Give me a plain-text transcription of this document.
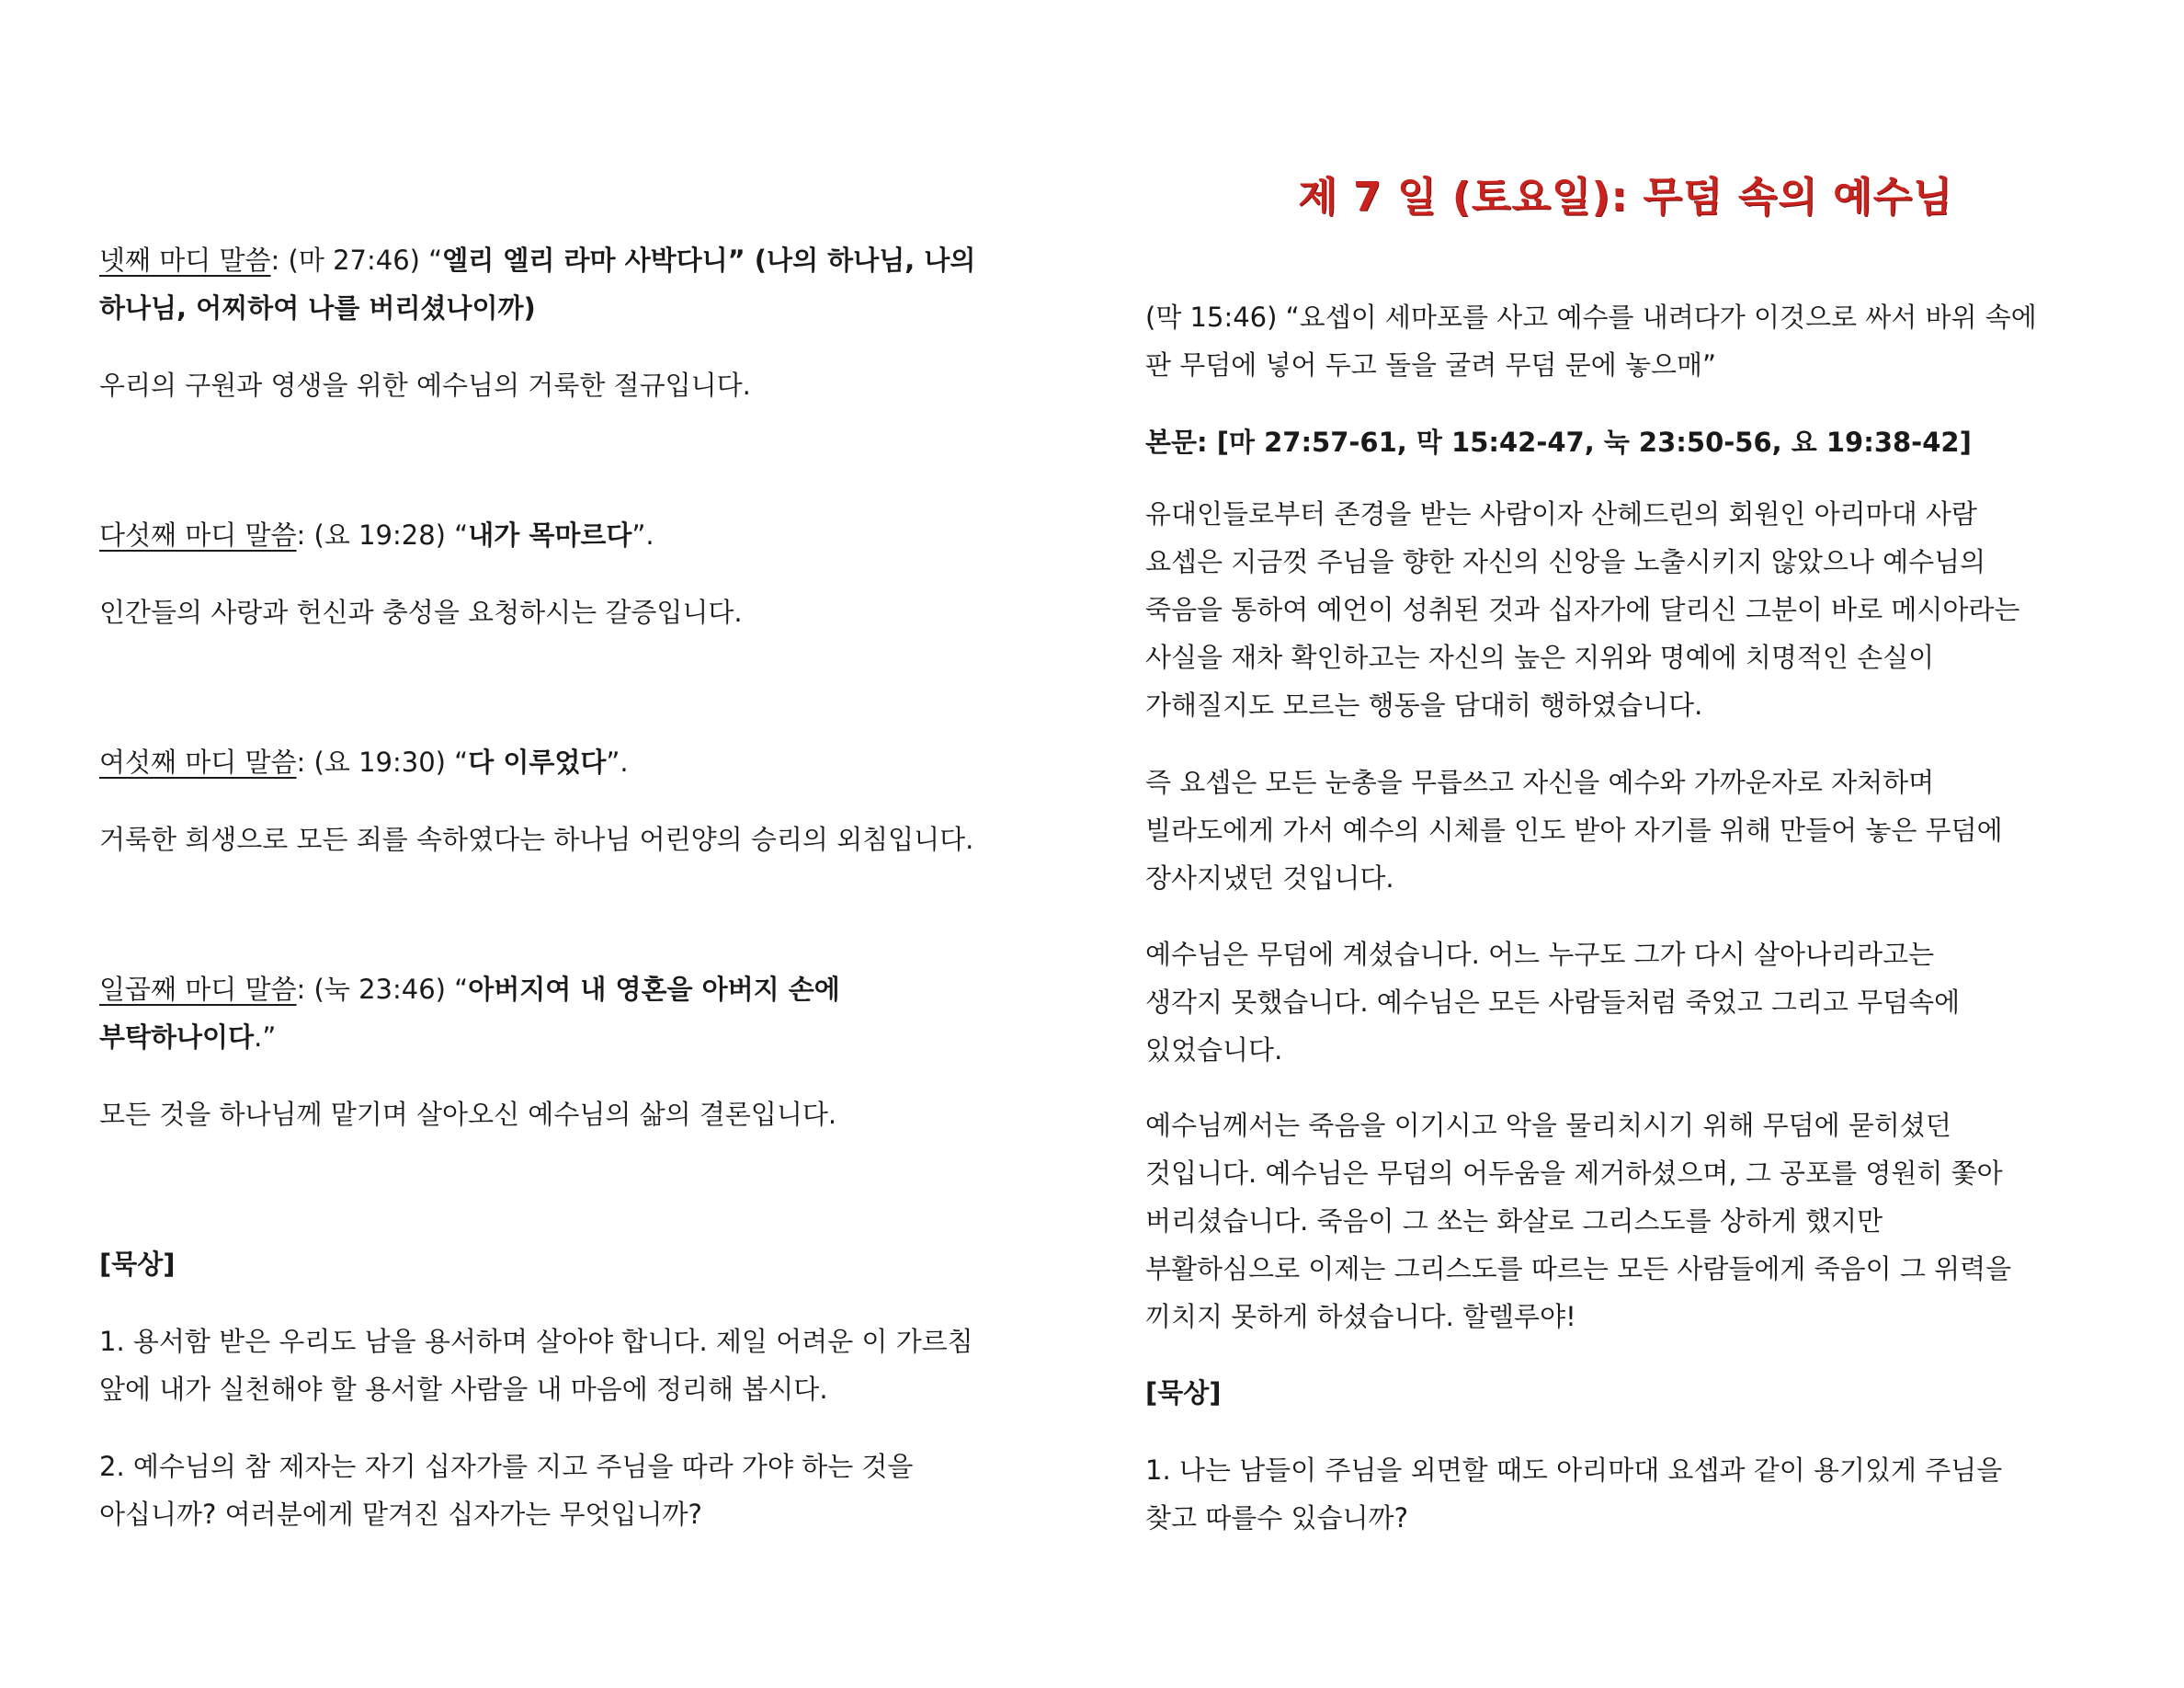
넷째 마디 말씀: (마 27:46) “엘리 엘리 라마 사박다니” (나의 하나님, 나의

하나님, 어찌하여 나를 버리셨나이까)

우리의 구원과 영생을 위한 예수님의 거룩한 절규입니다.

다섯째 마디 말씀: (요 19:28) “내가 목마르다”.

인간들의 사랑과 헌신과 충성을 요청하시는 갈증입니다.

여섯째 마디 말씀: (요 19:30) “다 이루었다”.

거룩한 희생으로 모든 죄를 속하였다는 하나님 어린양의 승리의 외침입니다.

일곱째 마디 말씀: (눅 23:46) “아버지여 내 영혼을 아버지 손에

부탁하나이다.”

모든 것을 하나님께 맡기며 살아오신 예수님의 삶의 결론입니다.

[묵상]

1. 용서함 받은 우리도 남을 용서하며 살아야 합니다. 제일 어려운 이 가르침

앞에 내가 실천해야 할 용서할 사람을 내 마음에 정리해 봅시다.

2. 예수님의 참 제자는 자기 십자가를 지고 주님을 따라 가야 하는 것을

아십니까? 여러분에게 맡겨진 십자가는 무엇입니까?

제 7 일 (토요일): 무덤 속의 예수님

(막 15:46) “요셉이 세마포를 사고 예수를 내려다가 이것으로 싸서 바위 속에

판 무덤에 넣어 두고 돌을 굴려 무덤 문에 놓으매”

본문: [마 27:57-61, 막 15:42-47, 눅 23:50-56, 요 19:38-42]

유대인들로부터 존경을 받는 사람이자 산헤드린의 회원인 아리마대 사람

요셉은 지금껏 주님을 향한 자신의 신앙을 노출시키지 않았으나 예수님의

죽음을 통하여 예언이 성취된 것과 십자가에 달리신 그분이 바로 메시아라는

사실을 재차 확인하고는 자신의 높은 지위와 명예에 치명적인 손실이

가해질지도 모르는 행동을 담대히 행하였습니다.

즉 요셉은 모든 눈총을 무릅쓰고 자신을 예수와 가까운자로 자처하며

빌라도에게 가서 예수의 시체를 인도 받아 자기를 위해 만들어 놓은 무덤에

장사지냈던 것입니다.

예수님은 무덤에 계셨습니다. 어느 누구도 그가 다시 살아나리라고는

생각지 못했습니다. 예수님은 모든 사람들처럼 죽었고 그리고 무덤속에

있었습니다.

예수님께서는 죽음을 이기시고 악을 물리치시기 위해 무덤에 묻히셨던

것입니다. 예수님은 무덤의 어두움을 제거하셨으며, 그 공포를 영원히 쫓아

버리셨습니다. 죽음이 그 쏘는 화살로 그리스도를 상하게 했지만

부활하심으로 이제는 그리스도를 따르는 모든 사람들에게 죽음이 그 위력을

끼치지 못하게 하셨습니다. 할렐루야!

[묵상]

1. 나는 남들이 주님을 외면할 때도 아리마대 요셉과 같이 용기있게 주님을

찾고 따를수 있습니까?
